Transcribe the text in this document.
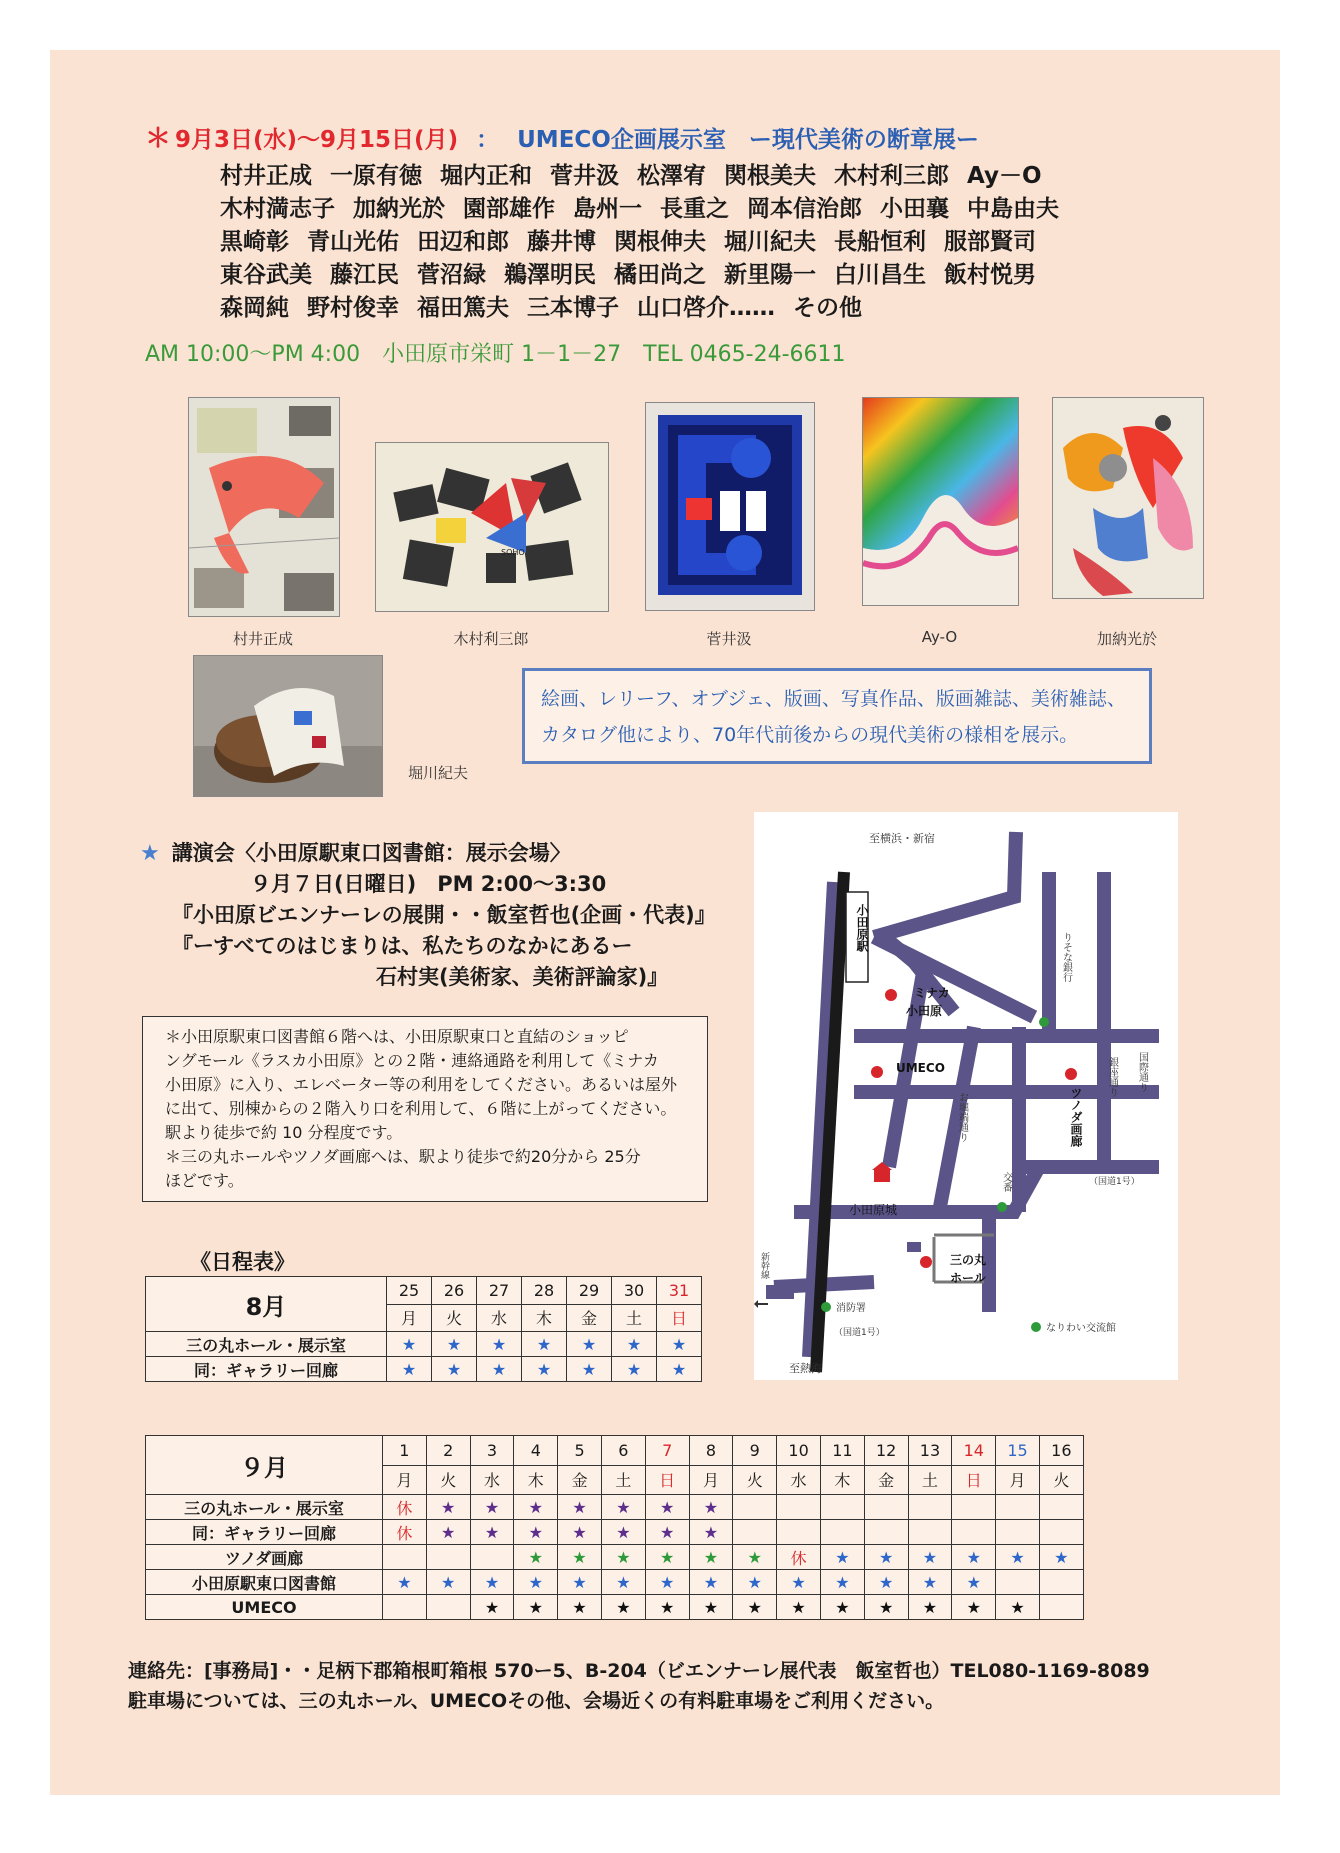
＊ 9月3日(水)～9月15日(月) ： UMECO企画展示室　ー現代美術の断章展ー
村井正成 一原有徳 堀内正和 菅井汲 松澤宥 関根美夫 木村利三郎 Ay－O
木村満志子 加納光於 園部雄作 島州一 長重之 岡本信治郎 小田襄 中島由夫
黒崎彰 青山光佑 田辺和郎 藤井博 関根伸夫 堀川紀夫 長船恒利 服部賢司
東谷武美 藤江民 菅沼緑 鵜澤明民 橘田尚之 新里陽一 白川昌生 飯村悦男
森岡純 野村俊幸 福田篤夫 三本博子 山口啓介…… その他
AM 10:00～PM 4:00 小田原市栄町 1－1－27 TEL 0465-24-6611
SOHO
村井正成	木村利三郎	菅井汲	Ay-O	加納光於
堀川紀夫
絵画、レリーフ、オブジェ、版画、写真作品、版画雑誌、美術雑誌、
カタログ他により、70年代前後からの現代美術の様相を展示。
★ 講演会〈小田原駅東口図書館：展示会場〉
９月７日(日曜日)　PM 2:00～3:30
『小田原ビエンナーレの展開・・飯室哲也(企画・代表)』
『ーすべてのはじまりは、私たちのなかにあるー
石村実(美術家、美術評論家)』
＊小田原駅東口図書館６階へは、小田原駅東口と直結のショッピ
ングモール《ラスカ小田原》との２階・連絡通路を利用して《ミナカ
小田原》に入り、エレベーター等の利用をしてください。あるいは屋外
に出て、別棟からの２階入り口を利用して、６階に上がってください。
駅より徒歩で約 10 分程度です。
＊三の丸ホールやツノダ画廊へは、駅より徒歩で約20分から 25分
ほどです。
至横浜・新宿
至熱海
小田原駅
ミナカ
小田原
UMECO
りそな銀行
銀座通り 国際通り
ツノダ画廊
お堀端通り
（国道1号）
（国道1号）
小田原城
交番
三の丸
ホール
消防署
なりわい交流館
新幹線
《日程表》
8月	25	26	27	28	29	30	31
	月	火	水	木	金	土	日
三の丸ホール・展示室	★	★	★	★	★	★	★
同：ギャラリー回廊	★	★	★	★	★	★	★
９月	1	2	3	4	5	6	7	8	9	10	11	12	13	14	15	16
	月	火	水	木	金	土	日	月	火	水	木	金	土	日	月	火
三の丸ホール・展示室	休	★	★	★	★	★	★	★								
同：ギャラリー回廊	休	★	★	★	★	★	★	★								
ツノダ画廊				★	★	★	★	★	★	休	★	★	★	★	★	★
小田原駅東口図書館	★	★	★	★	★	★	★	★	★	★	★	★	★	★		
UMECO			★	★	★	★	★	★	★	★	★	★	★	★	★	
連絡先：[事務局]・・足柄下郡箱根町箱根 570ー5、B-204（ビエンナーレ展代表　飯室哲也）TEL080-1169-8089
駐車場については、三の丸ホール、UMECOその他、会場近くの有料駐車場をご利用ください。
